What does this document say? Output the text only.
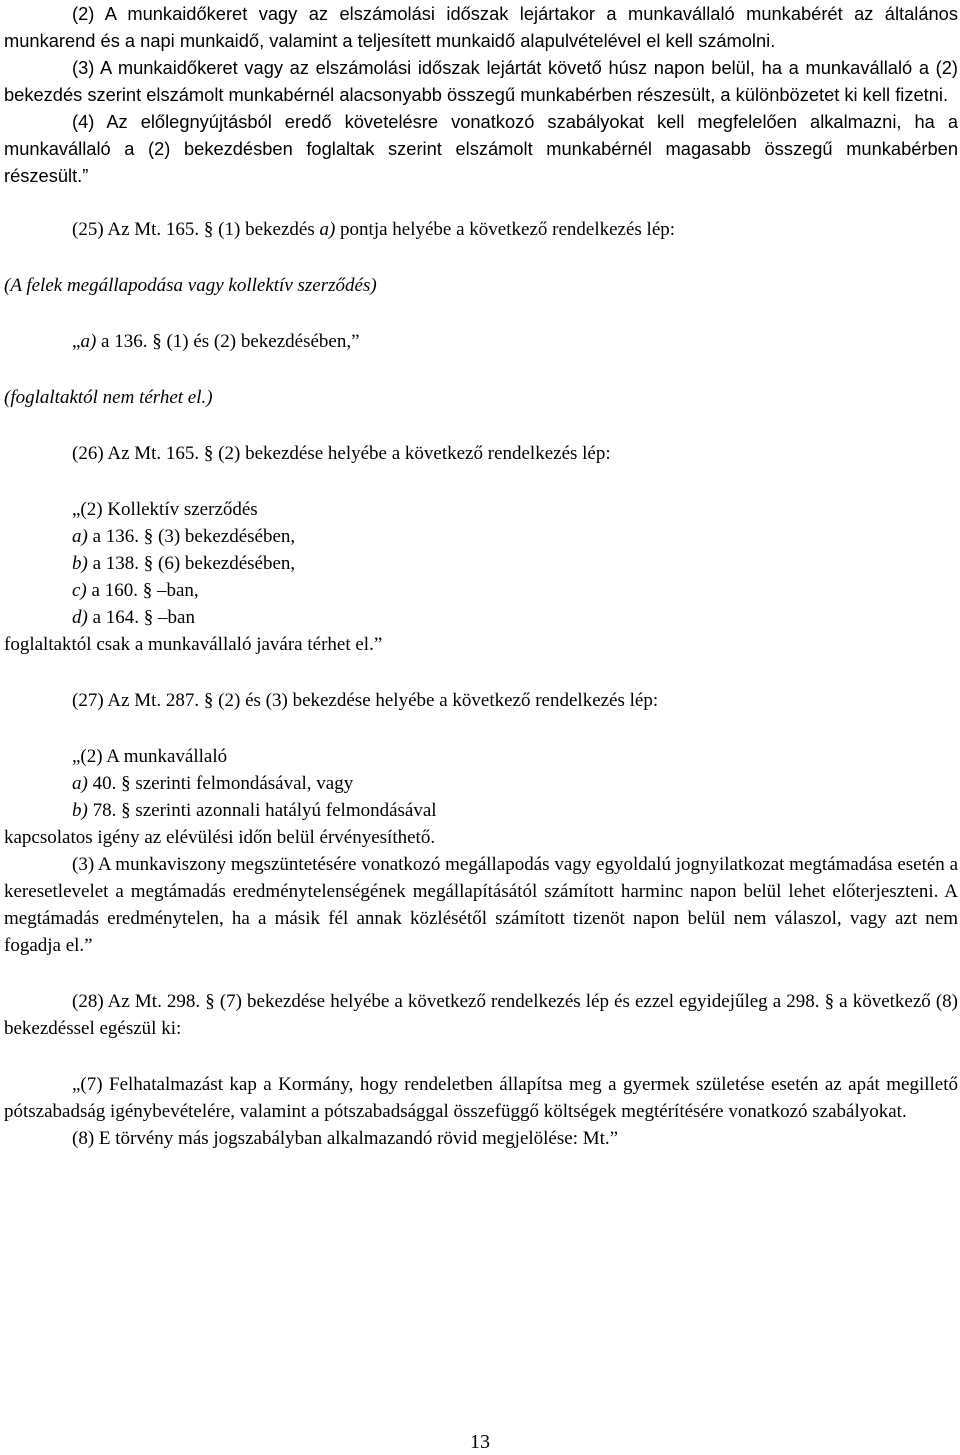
(2) A munkaidőkeret vagy az elszámolási időszak lejártakor a munkavállaló munkabérét az általános munkarend és a napi munkaidő, valamint a teljesített munkaidő alapulvételével el kell számolni.

(3) A munkaidőkeret vagy az elszámolási időszak lejártát követő húsz napon belül, ha a munkavállaló a (2) bekezdés szerint elszámolt munkabérnél alacsonyabb összegű munkabérben részesült, a különbözetet ki kell fizetni.

(4) Az előlegnyújtásból eredő követelésre vonatkozó szabályokat kell megfelelően alkalmazni, ha a munkavállaló a (2) bekezdésben foglaltak szerint elszámolt munkabérnél magasabb összegű munkabérben részesült.”

(25) Az Mt. 165. § (1) bekezdés a) pontja helyébe a következő rendelkezés lép:

(A felek megállapodása vagy kollektív szerződés)

„a) a 136. § (1) és (2) bekezdésében,”

(foglaltaktól nem térhet el.)

(26) Az Mt. 165. § (2) bekezdése helyébe a következő rendelkezés lép:

„(2) Kollektív szerződés

a) a 136. § (3) bekezdésében,

b) a 138. § (6) bekezdésében,

c) a 160. § –ban,

d) a 164. § –ban

foglaltaktól csak a munkavállaló javára térhet el.”

(27) Az Mt. 287. § (2) és (3) bekezdése helyébe a következő rendelkezés lép:

„(2) A munkavállaló

a) 40. § szerinti felmondásával, vagy

b) 78. § szerinti azonnali hatályú felmondásával

kapcsolatos igény az elévülési időn belül érvényesíthető.

(3) A munkaviszony megszüntetésére vonatkozó megállapodás vagy egyoldalú jognyilatkozat megtámadása esetén a keresetlevelet a megtámadás eredménytelenségének megállapításától számított harminc napon belül lehet előterjeszteni. A megtámadás eredménytelen, ha a másik fél annak közlésétől számított tizenöt napon belül nem válaszol, vagy azt nem fogadja el.”

(28) Az Mt. 298. § (7) bekezdése helyébe a következő rendelkezés lép és ezzel egyidejűleg a 298. § a következő (8) bekezdéssel egészül ki:

„(7) Felhatalmazást kap a Kormány, hogy rendeletben állapítsa meg a gyermek születése esetén az apát megillető pótszabadság igénybevételére, valamint a pótszabadsággal összefüggő költségek megtérítésére vonatkozó szabályokat.

(8) E törvény más jogszabályban alkalmazandó rövid megjelölése: Mt.”

13
